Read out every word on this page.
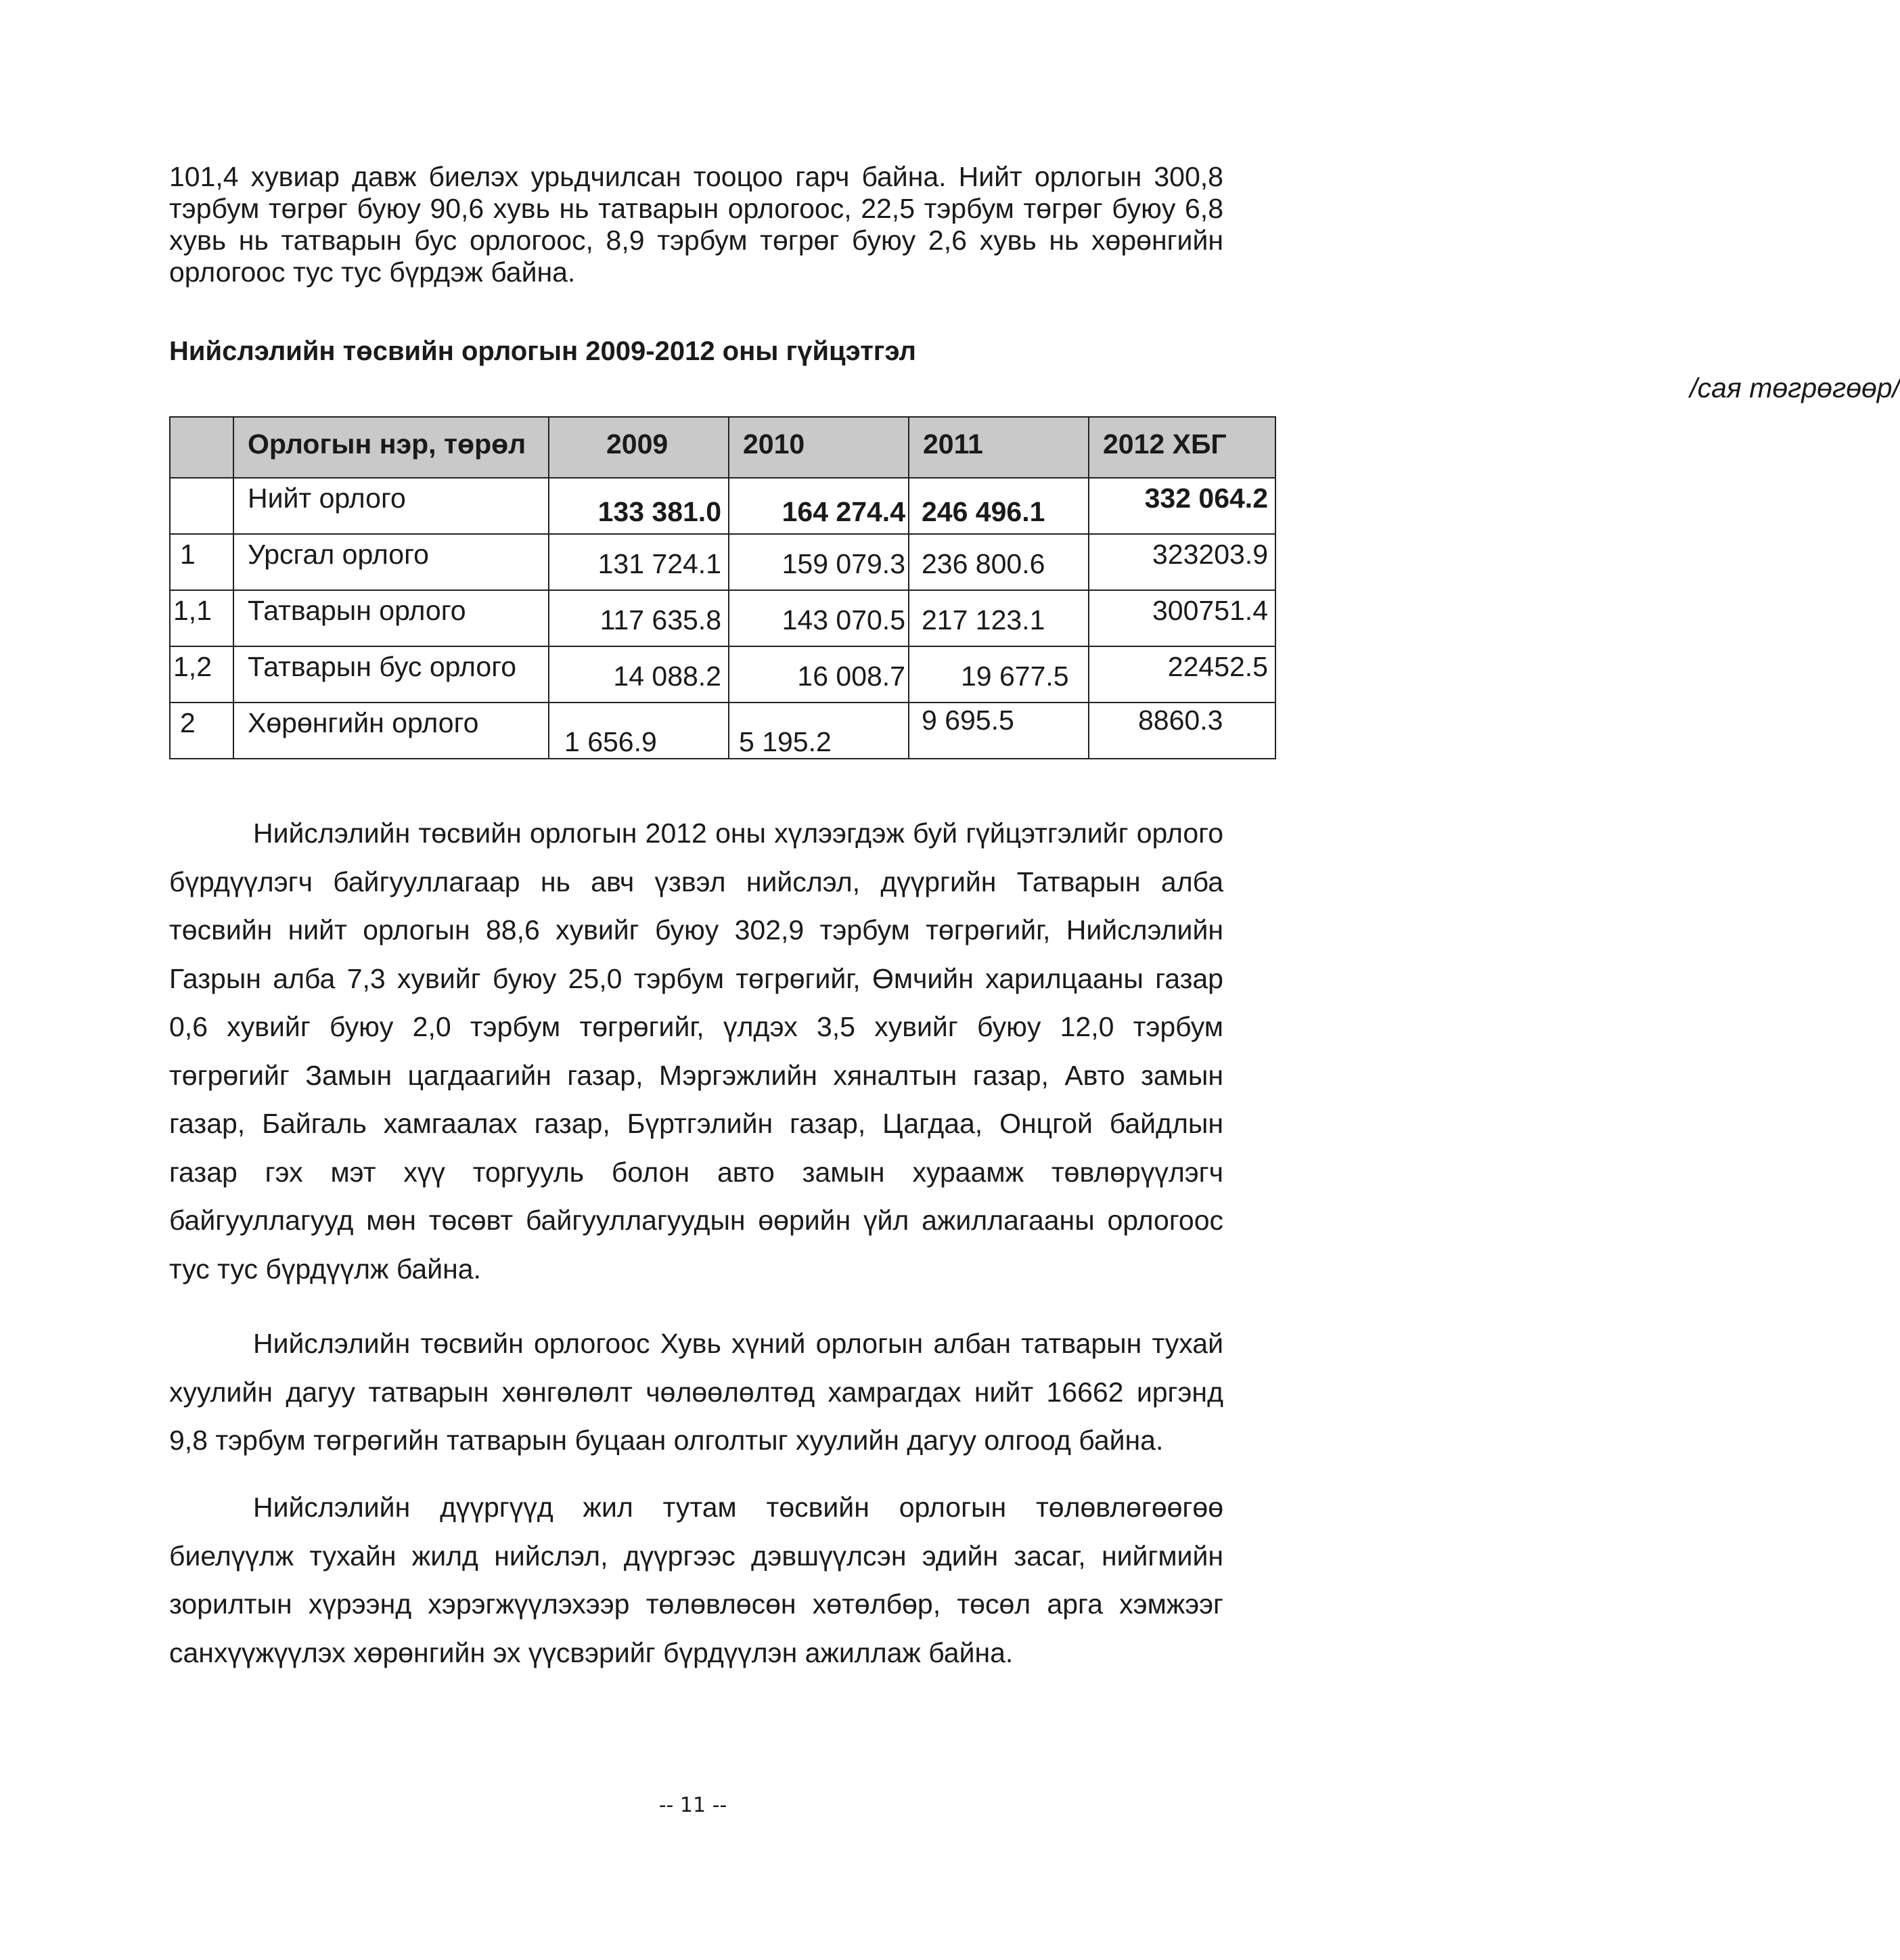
101,4 хувиар давж биелэх урьдчилсан тооцоо гарч байна. Нийт орлогын 300,8 тэрбум төгрөг буюу 90,6 хувь нь татварын орлогоос, 22,5 тэрбум төгрөг буюу 6,8 хувь нь татварын бус орлогоос, 8,9 тэрбум төгрөг буюу 2,6 хувь нь хөрөнгийн орлогоос тус тус бүрдэж байна.

Нийслэлийн төсвийн орлогын 2009-2012 оны гүйцэтгэл

/сая төгрөгөөр/

	Орлогын нэр, төрөл	2009	2010	2011	2012 ХБГ

	Нийт орлого	133 381.0	164 274.4	246 496.1	332 064.2

1	Урсгал орлого	131 724.1	159 079.3	236 800.6	323203.9

1,1	Татварын орлого	117 635.8	143 070.5	217 123.1	300751.4

1,2	Татварын бус орлого	14 088.2	16 008.7	19 677.5	22452.5

2	Хөрөнгийн орлого	1 656.9	5 195.2	9 695.5	8860.3

Нийслэлийн төсвийн орлогын 2012 оны хүлээгдэж буй гүйцэтгэлийг орлого бүрдүүлэгч байгууллагаар нь авч үзвэл нийслэл, дүүргийн Татварын алба төсвийн нийт орлогын 88,6 хувийг буюу 302,9 тэрбум төгрөгийг, Нийслэлийн Газрын алба 7,3 хувийг буюу 25,0 тэрбум төгрөгийг, Өмчийн харилцааны газар 0,6 хувийг буюу 2,0 тэрбум төгрөгийг, үлдэх 3,5 хувийг буюу 12,0 тэрбум төгрөгийг Замын цагдаагийн газар, Мэргэжлийн хяналтын газар, Авто замын газар, Байгаль хамгаалах газар, Бүртгэлийн газар, Цагдаа, Онцгой байдлын газар гэх мэт хүү торгууль болон авто замын хураамж төвлөрүүлэгч байгууллагууд мөн төсөвт байгууллагуудын өөрийн үйл ажиллагааны орлогоос тус тус бүрдүүлж байна.

Нийслэлийн төсвийн орлогоос Хувь хүний орлогын албан татварын тухай хуулийн дагуу татварын хөнгөлөлт чөлөөлөлтөд хамрагдах нийт 16662 иргэнд 9,8 тэрбум төгрөгийн татварын буцаан олголтыг хуулийн дагуу олгоод байна.

Нийслэлийн дүүргүүд жил тутам төсвийн орлогын төлөвлөгөөгөө биелүүлж тухайн жилд нийслэл, дүүргээс дэвшүүлсэн эдийн засаг, нийгмийн зорилтын хүрээнд хэрэгжүүлэхээр төлөвлөсөн хөтөлбөр, төсөл арга хэмжээг санхүүжүүлэх хөрөнгийн эх үүсвэрийг бүрдүүлэн ажиллаж байна.

-- 11 --
